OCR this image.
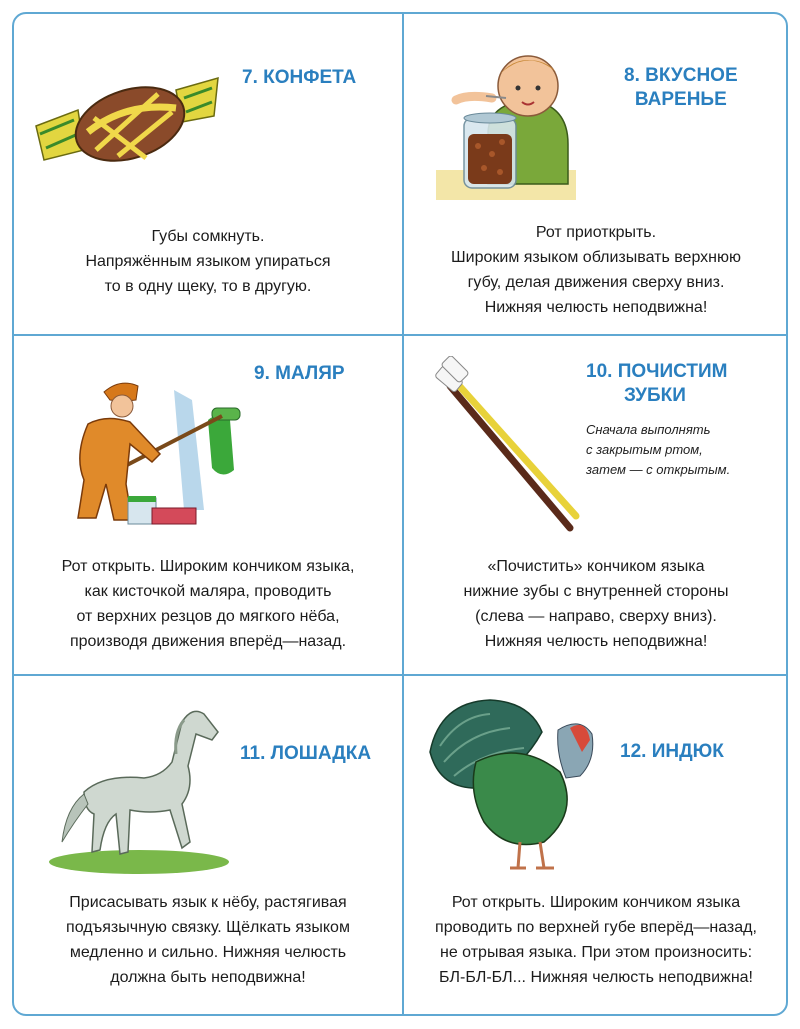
7. КОНФЕТА
Губы сомкнуть.
Напряжённым языком упираться
то в одну щеку, то в другую.
8. ВКУСНОЕ
ВАРЕНЬЕ
Рот приоткрыть.
Широким языком облизывать верхнюю
губу, делая движения сверху вниз.
Нижняя челюсть неподвижна!
9. МАЛЯР
Рот открыть. Широким кончиком языка,
как кисточкой маляра, проводить
от верхних резцов до мягкого нёба,
производя движения вперёд—назад.
10. ПОЧИСТИМ
ЗУБКИ
Сначала выполнять
с закрытым ртом,
затем — с открытым.
«Почистить» кончиком языка
нижние зубы с внутренней стороны
(слева — направо, сверху вниз).
Нижняя челюсть неподвижна!
11. ЛОШАДКА
Присасывать язык к нёбу, растягивая
подъязычную связку. Щёлкать языком
медленно и сильно. Нижняя челюсть
должна быть неподвижна!
12. ИНДЮК
Рот открыть. Широким кончиком языка
проводить по верхней губе вперёд—назад,
не отрывая языка. При этом произносить:
БЛ-БЛ-БЛ... Нижняя челюсть неподвижна!
